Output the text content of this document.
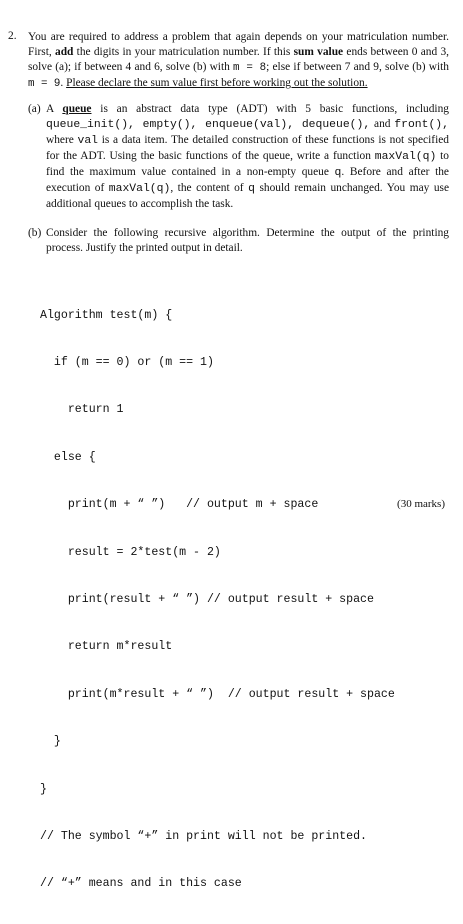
2. You are required to address a problem that again depends on your matriculation number. First, add the digits in your matriculation number. If this sum value ends between 0 and 3, solve (a); if between 4 and 6, solve (b) with m = 8; else if between 7 and 9, solve (b) with m = 9. Please declare the sum value first before working out the solution.
(a) A queue is an abstract data type (ADT) with 5 basic functions, including queue_init(), empty(), enqueue(val), dequeue(), and front(), where val is a data item. The detailed construction of these functions is not specified for the ADT. Using the basic functions of the queue, write a function maxVal(q) to find the maximum value contained in a non-empty queue q. Before and after the execution of maxVal(q), the content of q should remain unchanged. You may use additional queues to accomplish the task.
(b) Consider the following recursive algorithm. Determine the output of the printing process. Justify the printed output in detail.

Algorithm test(m) {

if (m == 0) or (m == 1)

return 1

else {

print(m + “ ”)   // output m + space

result = 2*test(m - 2)

print(result + “ ”) // output result + space

return m*result

print(m*result + “ ”)  // output result + space

}

}

// The symbol “+” in print will not be printed.

// “+” means and in this case

(30 marks)
